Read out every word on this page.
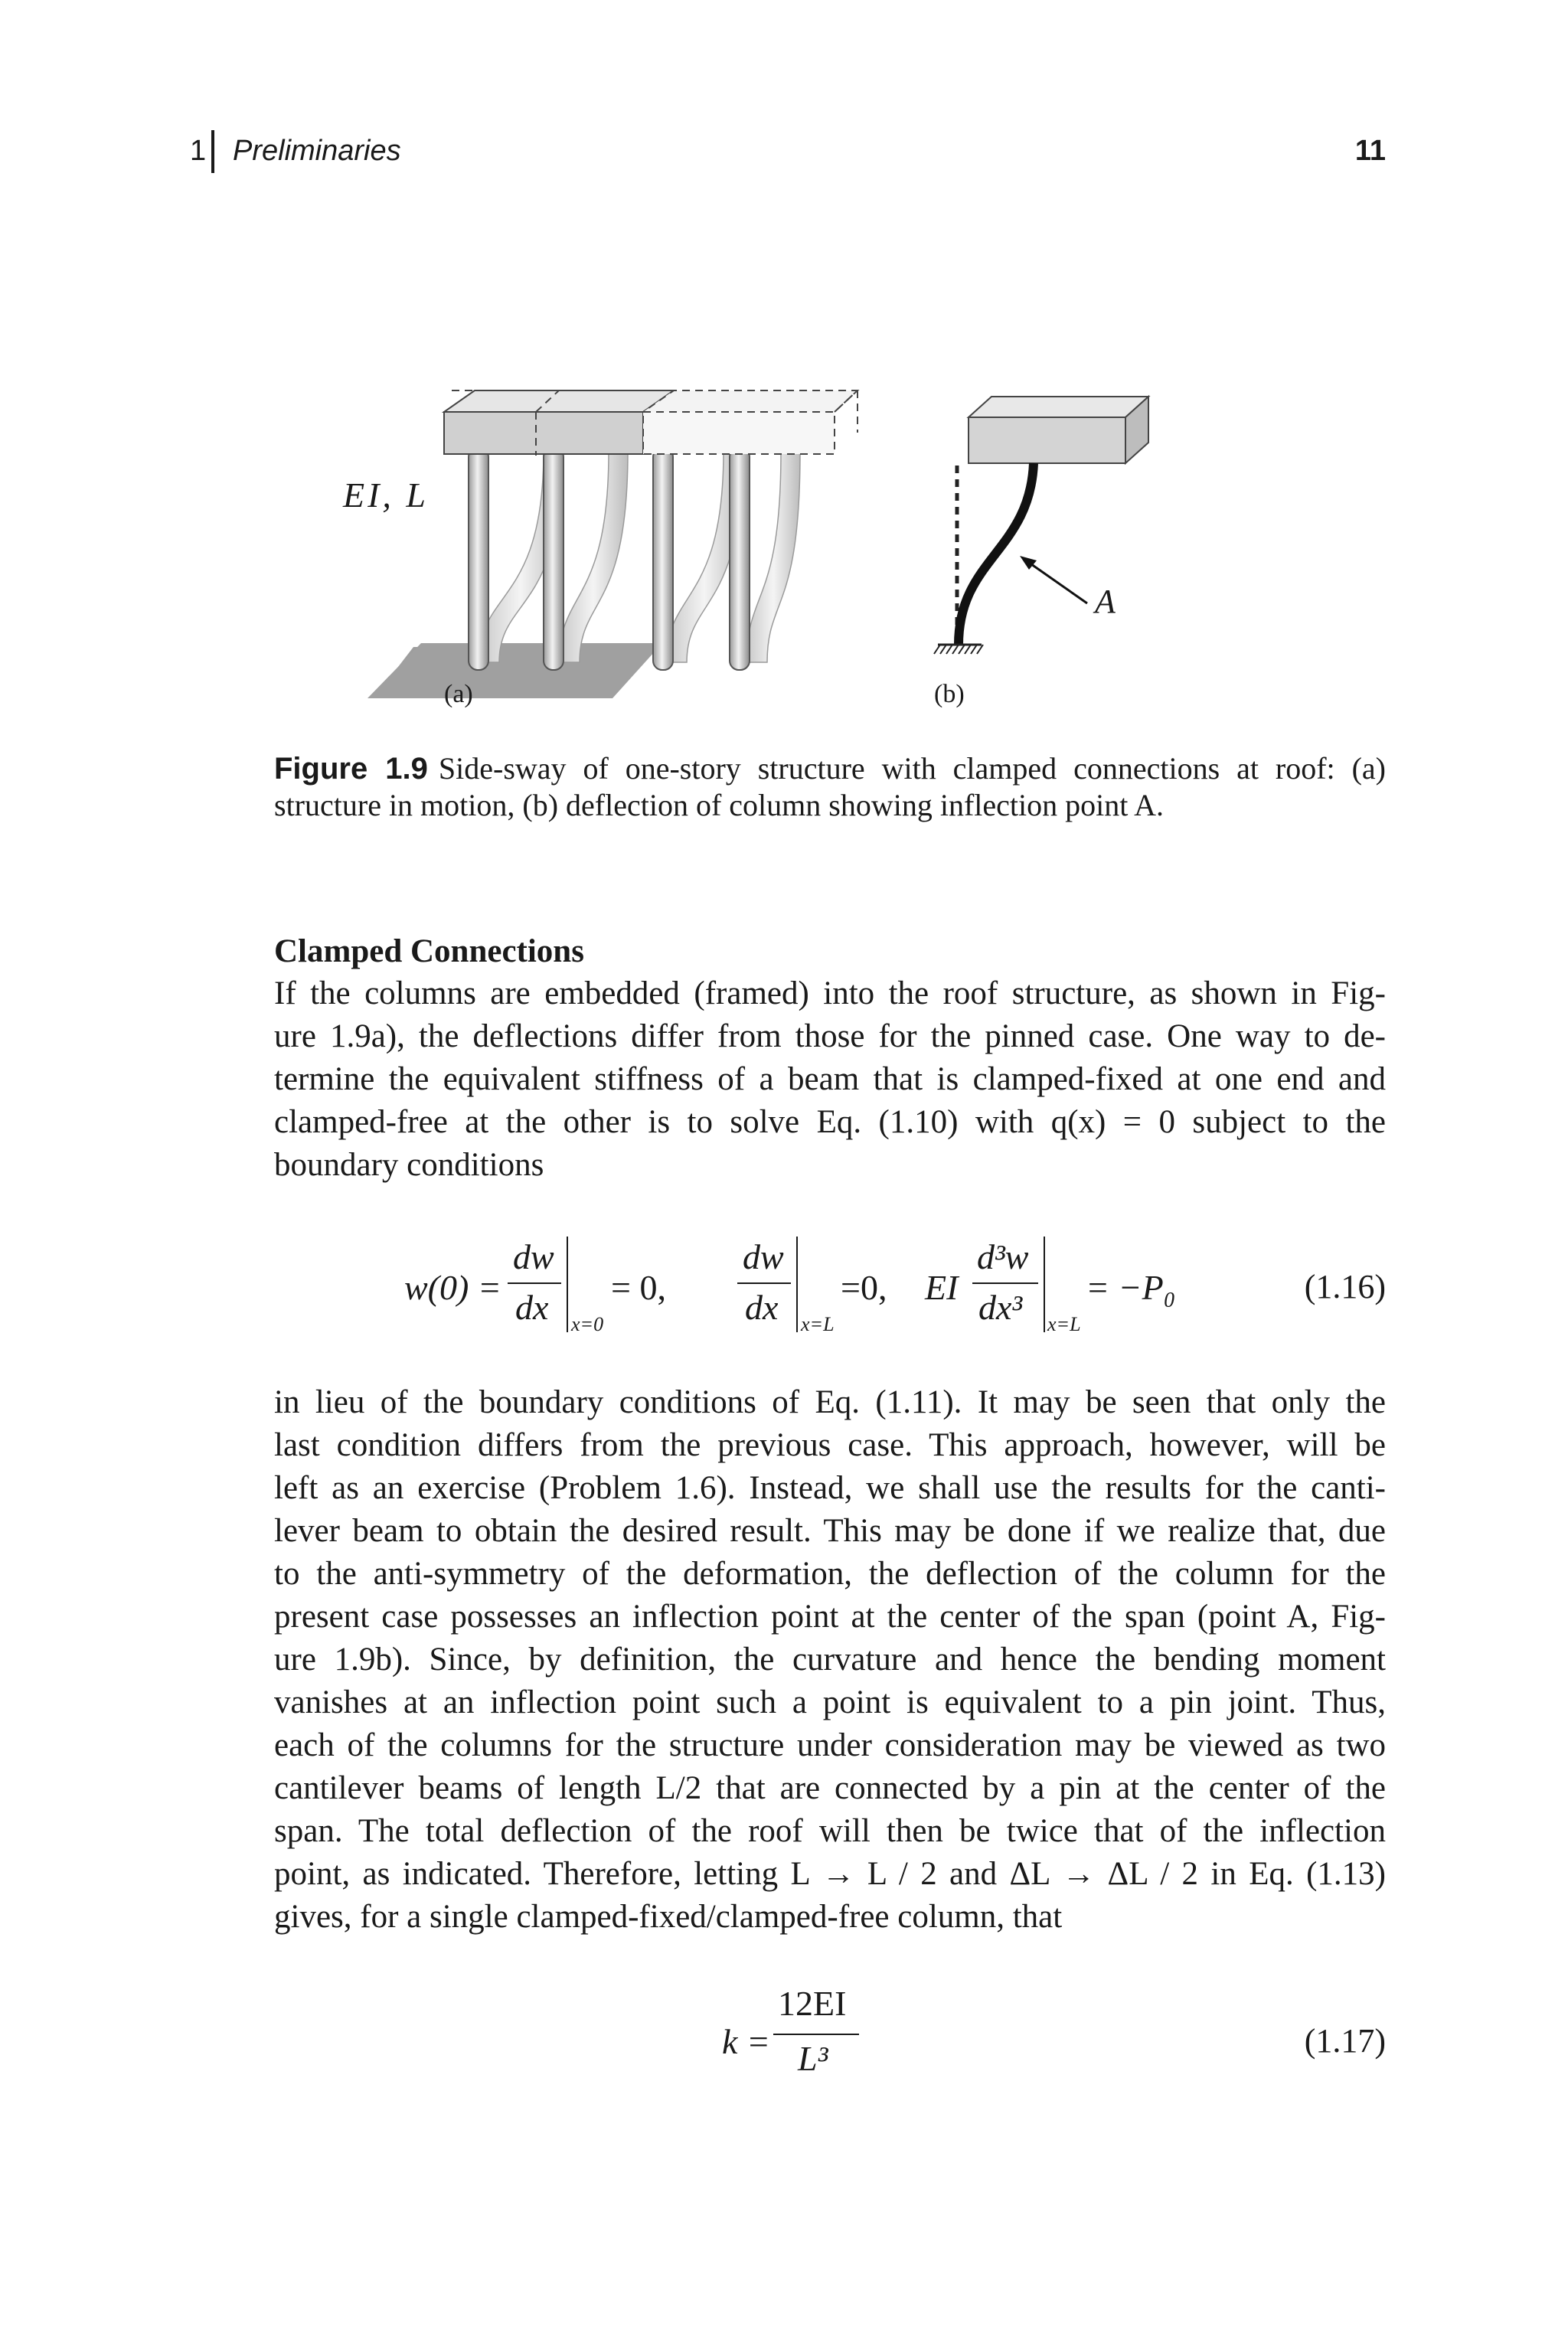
1 Preliminaries	11
EI, L
A
(a)	(b)
Figure 1.9 Side-sway of one-story structure with clamped connections at roof: (a) structure in motion, (b) deflection of column showing inflection point A.
Clamped Connections
If the columns are embedded (framed) into the roof structure, as shown in Fig-
ure 1.9a), the deflections differ from those for the pinned case. One way to de-
termine the equivalent stiffness of a beam that is clamped-fixed at one end and
clamped-free at the other is to solve Eq. (1.10) with q(x) = 0 subject to the
boundary conditions
w(0) =
dw
dx x=0
= 0,
dw
dx x=L
=0, EI
d³w
dx³ x=L
= −P₀	(1.16)
in lieu of the boundary conditions of Eq. (1.11). It may be seen that only the
last condition differs from the previous case. This approach, however, will be
left as an exercise (Problem 1.6). Instead, we shall use the results for the canti-
lever beam to obtain the desired result. This may be done if we realize that, due
to the anti-symmetry of the deformation, the deflection of the column for the
present case possesses an inflection point at the center of the span (point A, Fig-
ure 1.9b). Since, by definition, the curvature and hence the bending moment
vanishes at an inflection point such a point is equivalent to a pin joint. Thus,
each of the columns for the structure under consideration may be viewed as two
cantilever beams of length L/2 that are connected by a pin at the center of the
span. The total deflection of the roof will then be twice that of the inflection
point, as indicated. Therefore, letting L → L / 2 and ΔL → ΔL / 2 in Eq. (1.13)
gives, for a single clamped-fixed/clamped-free column, that
k =
12EI
L³	(1.17)
